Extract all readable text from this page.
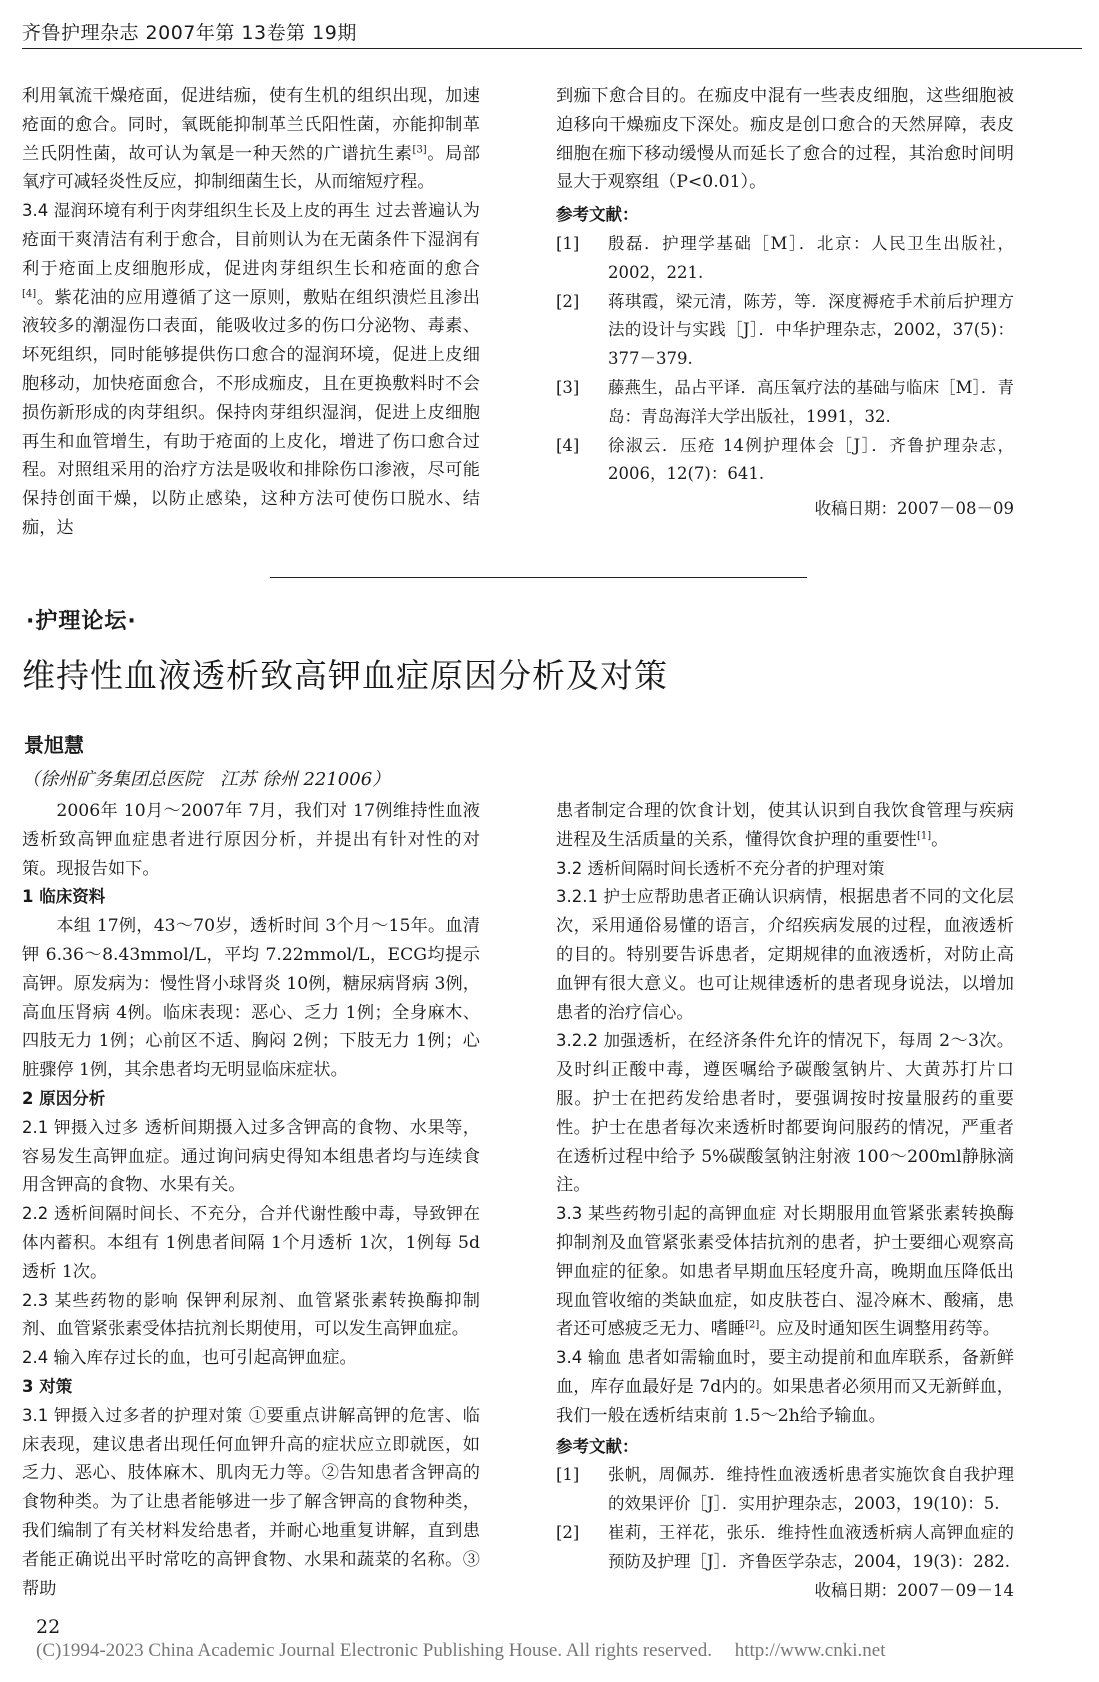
齐鲁护理杂志 2007年第 13卷第 19期

利用氧流干燥疮面，促进结痂，使有生机的组织出现，加速疮面的愈合。同时，氧既能抑制革兰氏阳性菌，亦能抑制革兰氏阴性菌，故可认为氧是一种天然的广谱抗生素[3]。局部氧疗可减轻炎性反应，抑制细菌生长，从而缩短疗程。

3.4 湿润环境有利于肉芽组织生长及上皮的再生 过去普遍认为疮面干爽清洁有利于愈合，目前则认为在无菌条件下湿润有利于疮面上皮细胞形成，促进肉芽组织生长和疮面的愈合[4]。紫花油的应用遵循了这一原则，敷贴在组织溃烂且渗出液较多的潮湿伤口表面，能吸收过多的伤口分泌物、毒素、坏死组织，同时能够提供伤口愈合的湿润环境，促进上皮细胞移动，加快疮面愈合，不形成痂皮，且在更换敷料时不会损伤新形成的肉芽组织。保持肉芽组织湿润，促进上皮细胞再生和血管增生，有助于疮面的上皮化，增进了伤口愈合过程。对照组采用的治疗方法是吸收和排除伤口渗液，尽可能保持创面干燥，以防止感染，这种方法可使伤口脱水、结痂，达

到痂下愈合目的。在痂皮中混有一些表皮细胞，这些细胞被迫移向干燥痂皮下深处。痂皮是创口愈合的天然屏障，表皮细胞在痂下移动缓慢从而延长了愈合的过程，其治愈时间明显大于观察组（P<0.01）。

参考文献：

[1]	殷磊．护理学基础［M］．北京：人民卫生出版社，2002，221.
[2]	蒋琪霞，梁元清，陈芳，等．深度褥疮手术前后护理方法的设计与实践［J］．中华护理杂志，2002，37(5)：377－379.
[3]	藤燕生，品占平译．高压氧疗法的基础与临床［M］．青岛：青岛海洋大学出版社，1991，32.
[4]	徐淑云．压疮 14例护理体会［J］．齐鲁护理杂志，2006，12(7)：641.

收稿日期：2007－08－09

·护理论坛·
维持性血液透析致高钾血症原因分析及对策
景旭慧
（徐州矿务集团总医院　江苏 徐州 221006）

2006年 10月～2007年 7月，我们对 17例维持性血液透析致高钾血症患者进行原因分析，并提出有针对性的对策。现报告如下。

1 临床资料

本组 17例，43～70岁，透析时间 3个月～15年。血清钾 6.36～8.43mmol/L，平均 7.22mmol/L，ECG均提示高钾。原发病为：慢性肾小球肾炎 10例，糖尿病肾病 3例，高血压肾病 4例。临床表现：恶心、乏力 1例；全身麻木、四肢无力 1例；心前区不适、胸闷 2例；下肢无力 1例；心脏骤停 1例，其余患者均无明显临床症状。

2 原因分析

2.1 钾摄入过多 透析间期摄入过多含钾高的食物、水果等，容易发生高钾血症。通过询问病史得知本组患者均与连续食用含钾高的食物、水果有关。

2.2 透析间隔时间长、不充分，合并代谢性酸中毒，导致钾在体内蓄积。本组有 1例患者间隔 1个月透析 1次，1例每 5d透析 1次。

2.3 某些药物的影响 保钾利尿剂、血管紧张素转换酶抑制剂、血管紧张素受体拮抗剂长期使用，可以发生高钾血症。

2.4 输入库存过长的血，也可引起高钾血症。

3 对策

3.1 钾摄入过多者的护理对策 ①要重点讲解高钾的危害、临床表现，建议患者出现任何血钾升高的症状应立即就医，如乏力、恶心、肢体麻木、肌肉无力等。②告知患者含钾高的食物种类。为了让患者能够进一步了解含钾高的食物种类，我们编制了有关材料发给患者，并耐心地重复讲解，直到患者能正确说出平时常吃的高钾食物、水果和蔬菜的名称。③帮助

患者制定合理的饮食计划，使其认识到自我饮食管理与疾病进程及生活质量的关系，懂得饮食护理的重要性[1]。

3.2 透析间隔时间长透析不充分者的护理对策

3.2.1 护士应帮助患者正确认识病情，根据患者不同的文化层次，采用通俗易懂的语言，介绍疾病发展的过程，血液透析的目的。特别要告诉患者，定期规律的血液透析，对防止高血钾有很大意义。也可让规律透析的患者现身说法，以增加患者的治疗信心。

3.2.2 加强透析，在经济条件允许的情况下，每周 2～3次。及时纠正酸中毒，遵医嘱给予碳酸氢钠片、大黄苏打片口服。护士在把药发给患者时，要强调按时按量服药的重要性。护士在患者每次来透析时都要询问服药的情况，严重者在透析过程中给予 5%碳酸氢钠注射液 100～200ml静脉滴注。

3.3 某些药物引起的高钾血症 对长期服用血管紧张素转换酶抑制剂及血管紧张素受体拮抗剂的患者，护士要细心观察高钾血症的征象。如患者早期血压轻度升高，晚期血压降低出现血管收缩的类缺血症，如皮肤苍白、湿冷麻木、酸痛，患者还可感疲乏无力、嗜睡[2]。应及时通知医生调整用药等。

3.4 输血 患者如需输血时，要主动提前和血库联系，备新鲜血，库存血最好是 7d内的。如果患者必须用而又无新鲜血，我们一般在透析结束前 1.5～2h给予输血。

参考文献：

[1]	张帆，周佩苏．维持性血液透析患者实施饮食自我护理的效果评价［J］．实用护理杂志，2003，19(10)：5.
[2]	崔莉，王祥花，张乐．维持性血液透析病人高钾血症的预防及护理［J］．齐鲁医学杂志，2004，19(3)：282.

收稿日期：2007－09－14

22
(C)1994-2023 China Academic Journal Electronic Publishing House. All rights reserved. http://www.cnki.net
